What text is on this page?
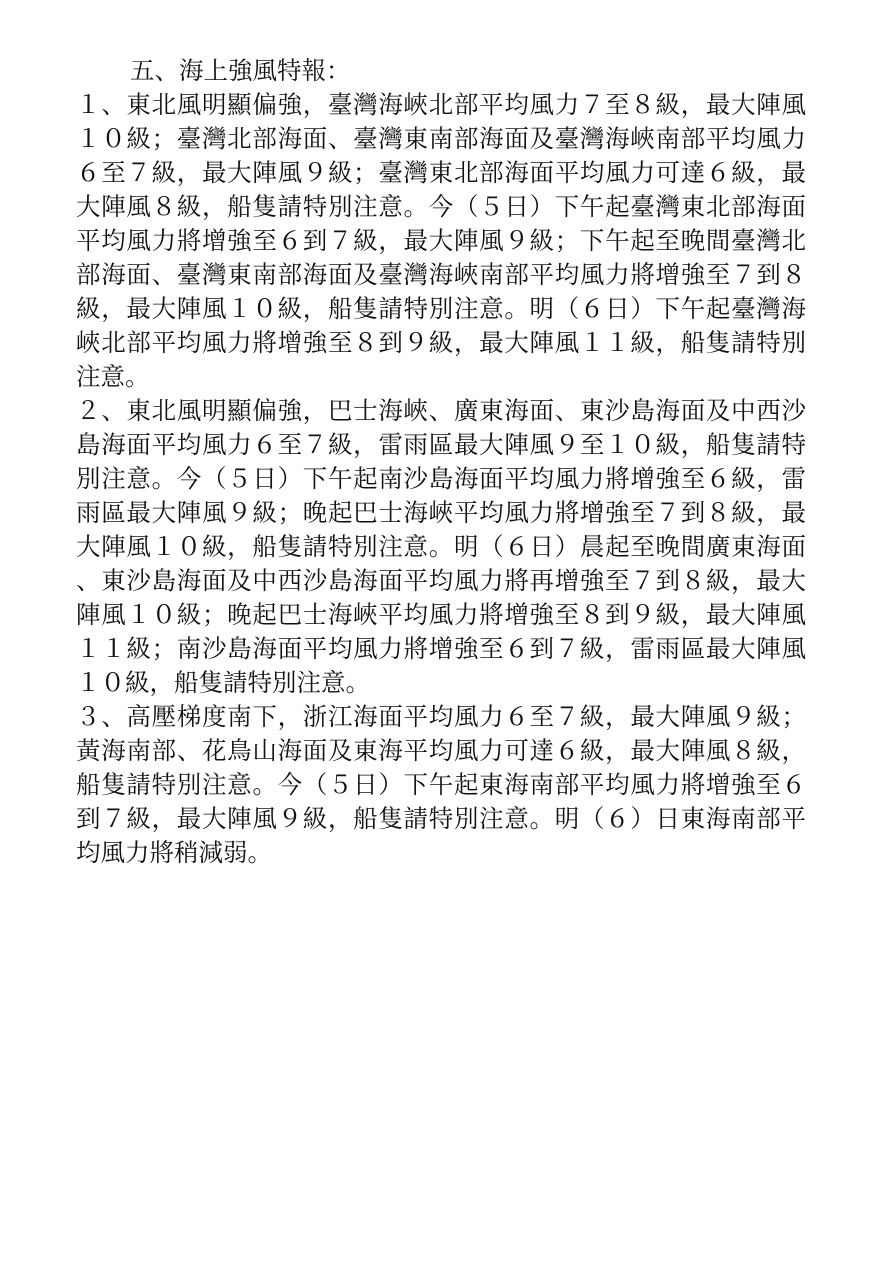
五、海上強風特報：

１、東北風明顯偏強，臺灣海峽北部平均風力７至８級，最大陣風１０級；臺灣北部海面、臺灣東南部海面及臺灣海峽南部平均風力６至７級，最大陣風９級；臺灣東北部海面平均風力可達６級，最大陣風８級，船隻請特別注意。今（５日）下午起臺灣東北部海面平均風力將增強至６到７級，最大陣風９級；下午起至晚間臺灣北部海面、臺灣東南部海面及臺灣海峽南部平均風力將增強至７到８級，最大陣風１０級，船隻請特別注意。明（６日）下午起臺灣海峽北部平均風力將增強至８到９級，最大陣風１１級，船隻請特別注意。

２、東北風明顯偏強，巴士海峽、廣東海面、東沙島海面及中西沙島海面平均風力６至７級，雷雨區最大陣風９至１０級，船隻請特別注意。今（５日）下午起南沙島海面平均風力將增強至６級，雷雨區最大陣風９級；晚起巴士海峽平均風力將增強至７到８級，最大陣風１０級，船隻請特別注意。明（６日）晨起至晚間廣東海面、東沙島海面及中西沙島海面平均風力將再增強至７到８級，最大陣風１０級；晚起巴士海峽平均風力將增強至８到９級，最大陣風１１級；南沙島海面平均風力將增強至６到７級，雷雨區最大陣風１０級，船隻請特別注意。

３、高壓梯度南下，浙江海面平均風力６至７級，最大陣風９級；黃海南部、花鳥山海面及東海平均風力可達６級，最大陣風８級，船隻請特別注意。今（５日）下午起東海南部平均風力將增強至６到７級，最大陣風９級，船隻請特別注意。明（６）日東海南部平均風力將稍減弱。
